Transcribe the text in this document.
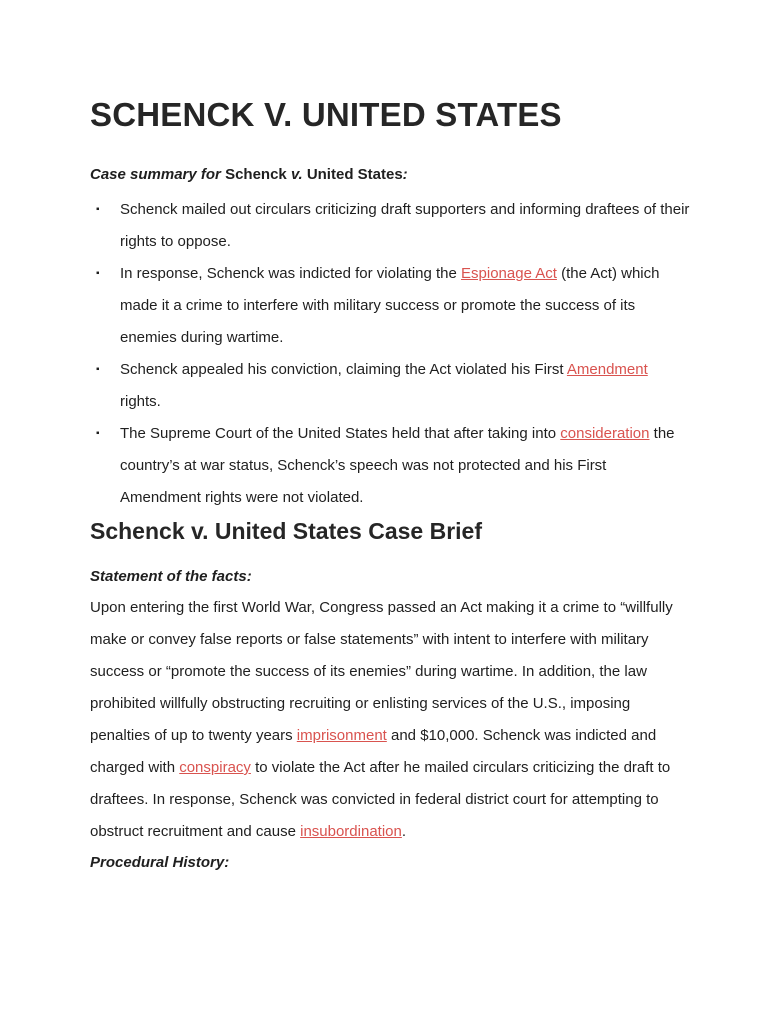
SCHENCK V. UNITED STATES
Case summary for Schenck v. United States:
▪ Schenck mailed out circulars criticizing draft supporters and informing draftees of their rights to oppose.
▪ In response, Schenck was indicted for violating the Espionage Act (the Act) which made it a crime to interfere with military success or promote the success of its enemies during wartime.
▪ Schenck appealed his conviction, claiming the Act violated his First Amendment rights.
▪ The Supreme Court of the United States held that after taking into consideration the country’s at war status, Schenck’s speech was not protected and his First Amendment rights were not violated.
Schenck v. United States Case Brief
Statement of the facts:

Upon entering the first World War, Congress passed an Act making it a crime to “willfully make or convey false reports or false statements” with intent to interfere with military success or “promote the success of its enemies” during wartime. In addition, the law prohibited willfully obstructing recruiting or enlisting services of the U.S., imposing penalties of up to twenty years imprisonment and $10,000. Schenck was indicted and charged with conspiracy to violate the Act after he mailed circulars criticizing the draft to draftees. In response, Schenck was convicted in federal district court for attempting to obstruct recruitment and cause insubordination.

Procedural History:
